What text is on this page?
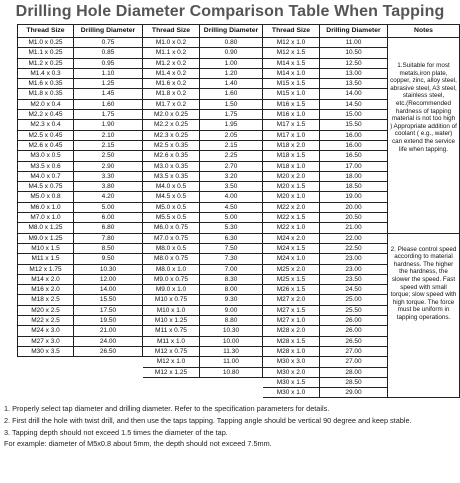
Drilling Hole Diameter Comparison Table When Tapping
Thread Size	Drilling Diameter	Thread Size	Drilling Diameter	Thread Size	Drilling Diameter	Notes
M1.0 x 0.25	0.75	M1.0 x 0.2	0.80	M12 x 1.0	11.00	1.Suitable for most metals,iron plate, copper, zinc, alloy steel, abrasive steel, A3 steel, stainless steel,
etc.(Recommended hardness of tapping material is not too high ) Appropriate addition of coolant ( e.g., water) can extend the service life when tapping.

M1.1 x 0.25	0.85	M1.1 x 0.2	0.90	M12 x 1.5	10.50	
M1.2 x 0.25	0.95	M1.2 x 0.2	1.00	M14 x 1.5	12.50	
M1.4 x 0.3	1.10	M1.4 x 0.2	1.20	M14 x 1.0	13.00	
M1.6 x 0.35	1.25	M1.6 x 0.2	1.40	M15 x 1.5	13.50	
M1.8 x 0.35	1.45	M1.8 x 0.2	1.60	M15 x 1.0	14.00	
M2.0 x 0.4	1.60	M1.7 x 0.2	1.50	M16 x 1.5	14.50	
M2.2 x 0.45	1.75	M2.0 x 0.25	1.75	M16 x 1.0	15.00	
M2.3 x 0.4	1.90	M2.2 x 0.25	1.95	M17 x 1.5	15.50	
M2.5 x 0.45	2.10	M2.3 x 0.25	2.05	M17 x 1.0	16.00	
M2.6 x 0.45	2.15	M2.5 x 0.35	2.15	M18 x 2.0	16.00	
M3.0 x 0.5	2.50	M2.6 x 0.35	2.25	M18 x 1.5	16.50	
M3.5 x 0.6	2.90	M3.0 x 0.35	2.70	M18 x 1.0	17.00	
M4.0 x 0.7	3.30	M3.5 x 0.35	3.20	M20 x 2.0	18.00	
M4.5 x 0.75	3.80	M4.0 x 0.5	3.50	M20 x 1.5	18.50	
M5.0 x 0.8	4.20	M4.5 x 0.5	4.00	M20 x 1.0	19.00	
M6.0 x 1.0	5.00	M5.0 x 0.5	4.50	M22 x 2.0	20.00	
M7.0 x 1.0	6.00	M5.5 x 0.5	5.00	M22 x 1.5	20.50	
M8.0 x 1.25	6.80	M6.0 x 0.75	5.30	M22 x 1.0	21.00	
M9.0 x 1.25	7.80	M7.0 x 0.75	6.30	M24 x 2.0	22.00	2. Please control speed according to material hardness. The higher the hardness, the slower the speed. Fast speed with small torque; slow speed with high torque. The force must be uniform in tapping operations.

M10 x 1.5	8.50	M8.0 x 0.5	7.50	M24 x 1.5	22.50	
M11 x 1.5	9.50	M8.0 x 0.75	7.30	M24 x 1.0	23.00	
M12 x 1.75	10.30	M8.0 x 1.0	7.00	M25 x 2.0	23.00	
M14 x 2.0	12.00	M9.0 x 0.75	8.30	M25 x 1.5	23.50	
M16 x 2.0	14.00	M9.0 x 1.0	8.00	M26 x 1.5	24.50	
M18 x 2.5	15.50	M10 x 0.75	9.30	M27 x 2.0	25.00	
M20 x 2.5	17.50	M10 x 1.0	9.00	M27 x 1.5	25.50	
M22 x 2.5	19.50	M10 x 1.25	8.80	M27 x 1.0	26.00	
M24 x 3.0	21.00	M11 x 0.75	10.30	M28 x 2.0	26.00	
M27 x 3.0	24.00	M11 x 1.0	10.00	M28 x 1.5	26.50	
M30 x 3.5	26.50	M12 x 0.75	11.30	M28 x 1.0	27.00	
		M12 x 1.0	11.00	M30 x 3.0	27.00	
		M12 x 1.25	10.80	M30 x 2.0	28.00	
				M30 x 1.5	28.50	
				M30 x 1.0	29.00	
1. Properly select tap diameter and drilling diameter. Refer to the specification parameters for details.
2. First drill the hole with twist drill, and then use the taps tapping. Tapping angle should be vertical 90 degree and keep stable.
3. Tapping depth should not exceed 1.5 times the diameter of the tap.
For example: diameter of M5x0.8 about 5mm, the depth should not exceed 7.5mm.
